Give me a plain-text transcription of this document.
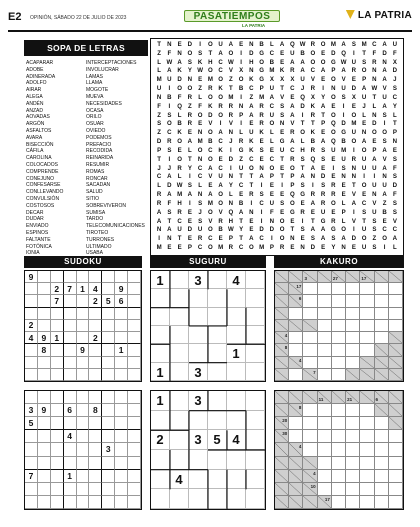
E2 OPINIÓN, SÁBADO 22 DE JULIO DE 2023	PASATIEMPOS
LA PATRIA
LA PATRIA
SOPA DE LETRAS
ACAPARAR
ADOBE
ADINERADA
ADOLFO
AIRAR
ALEGA
ANDÉN
ANZAD
AOVADAS
ARGÓN
ASFALTOS
AVARA
BISECCIÓN
CÁFILA
CAROLINA
COLOCADOS
COMPRENDE
CONEJUNO
CONFESARSE
CONLLEVANDO
CONVULSIÓN
COSTOSOS
DECAR
DUDAR
ENVIADO
ESPINOS
FALTANTE
FOTÓNICA
IONIA
INTERCEPTACIONES
INVOLUCRAR
LAMAS
LLAMA
MOGOTE
MUEVA
NECESIDADES
OCASA
ORILO
OSUAR
OVIEDO
PODEMOS
PREFACIO
RECODIDA
REINARIDA
RESUMIR
ROMAS
RONCAR
SACADAN
SALUD
SITIO
SOBREVIVERON
SUMISA
TARDO
TELECOMUNICACIONES
TIROTEO
TURRONES
ULTIMADO
USABA
T	N E D	I	O U A E N B	L	A Q W R O M A S M C A U
Z	F	N O S	T	A O	I	D G C E U B O E D Q	I	T	F	D	F
L W A S K H C W	I	H O B E A A O O G W U S R N X
L	A K Y W O C V	X N G M K R A C A P A R O N A D
M U D N E M O Z O K G X	X	X U V	E O V	E	P N A	J
U	I	O O Z	R K	T	B C P U	T	C	J	R	I	N U D A W V	S
N B	F	R	L O O M	I	Z M A V	E Q X	Y O S	X U	T	U C
F	I	Q Z	F	K R R N A R C S A D K A E	I	E	J	L	A Y
Z	S	L	R O D O R P A R U S A	I	R	T O	I	O L	N S	L
S O B R E	V	I	V	I	E R O N V	T	T	P Q D M E D	I	T
Z	C K E N O A N	L	U K	L	E R O K E O G U N O O P
D R O A M B C	J	R K E	L G A	L	B A Q B O A E	S N
P	S	E	L O C K	I	G K S	E U C H R S U M	I	O P A E
T	I	O T	N O E D	Z	C E C	T	R S Q S	E U R U A V	S
J	J	R Y C A C	I	U O N O E O T	A E	I	S N U U A	F
C A	L	I	C V U N	T	T	A P	T	P A N D E N N	I	I	N S
L	D W S	L	E A Y C	T	I	E	I	P	S	I	S R E	T O U U D
R A M A N A O L	E R S	E	E Q G R R R E	V	E N A	F
R	F	H	I	S M O N B	I	C U S O E A R O L	A C V	Z	S
A S R E	J	O V Q A N	I	F	E G R E U E	P	I	S U B S
A	T	C E	S	V R H	T	E	I	N O E	I	T G R	L	V	T	S	E	V
N A U D U O B W Y	E D D O T	S A A G O	I	U S C C
I	N	T	E R C E	P	T	A C	I	O N E	S A S A D O Z O A
M E	E	P C O M R C O M P R E N D E	Y N E U S	I	L
SUDOKU	SUGURU	KAKURO
9
2 7 1 4	9
7	2 5 6
2
4 9 1	2
8	9	1
3 9	6	8
5
4
3
7	1
1	3	4
1
1	3
1	3
2	3 5 4
4
3	27	17
17
6
4
8
4
7
11	21	6
8
20
30
4
4
10
17
